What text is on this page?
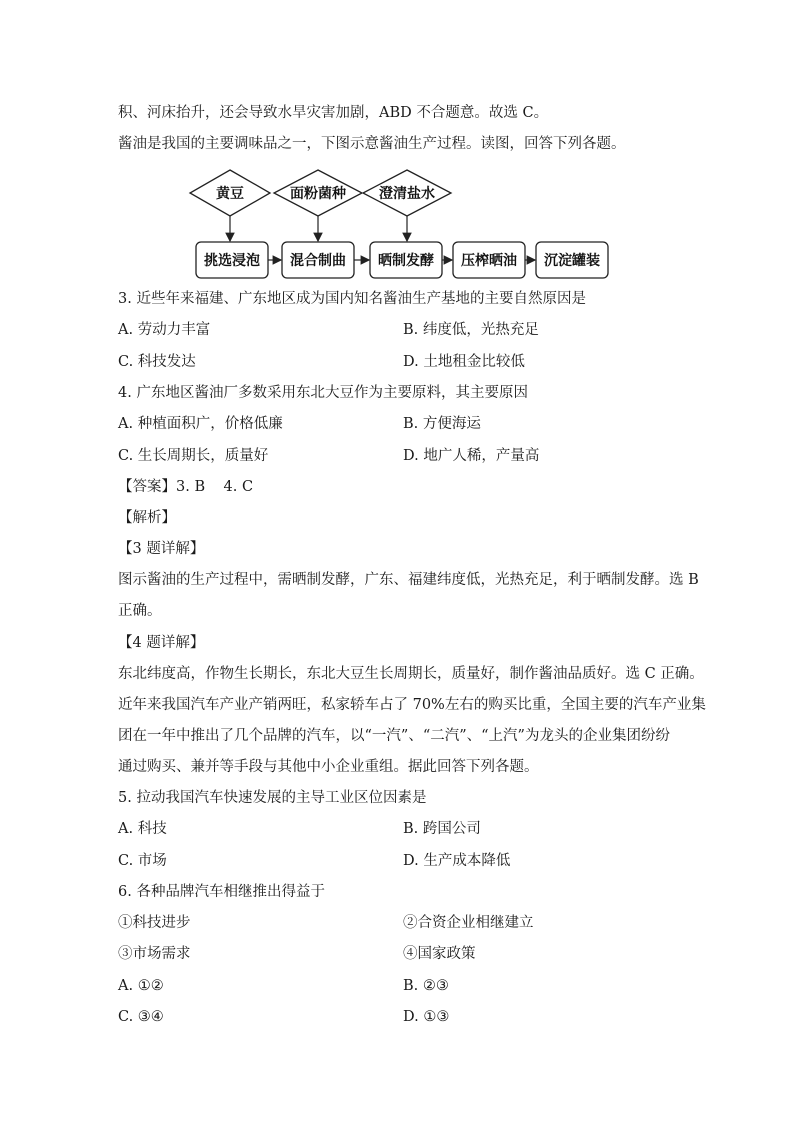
积、河床抬升，还会导致水旱灾害加剧，ABD 不合题意。故选 C。
酱油是我国的主要调味品之一，下图示意酱油生产过程。读图，回答下列各题。
黄豆	面粉菌种 澄清盐水
挑选浸泡 混合制曲 晒制发酵 压榨晒油 沉淀罐装
3. 近些年来福建、广东地区成为国内知名酱油生产基地的主要自然原因是
A. 劳动力丰富	B. 纬度低，光热充足
C. 科技发达	D. 土地租金比较低
4. 广东地区酱油厂多数采用东北大豆作为主要原料，其主要原因
A. 种植面积广，价格低廉	B. 方便海运
C. 生长周期长，质量好	D. 地广人稀，产量高
【答案】3. B    4. C
【解析】
【3 题详解】
图示酱油的生产过程中，需晒制发酵，广东、福建纬度低，光热充足，利于晒制发酵。选 B
正确。
【4 题详解】
东北纬度高，作物生长期长，东北大豆生长周期长，质量好，制作酱油品质好。选 C 正确。
近年来我国汽车产业产销两旺，私家轿车占了 70%左右的购买比重，全国主要的汽车产业集
团在一年中推出了几个品牌的汽车，以“一汽”、“二汽”、“上汽”为龙头的企业集团纷纷
通过购买、兼并等手段与其他中小企业重组。据此回答下列各题。
5. 拉动我国汽车快速发展的主导工业区位因素是
A. 科技	B. 跨国公司
C. 市场	D. 生产成本降低
6. 各种品牌汽车相继推出得益于
①科技进步	②合资企业相继建立
③市场需求	④国家政策
A. ①②	B. ②③
C. ③④	D. ①③
